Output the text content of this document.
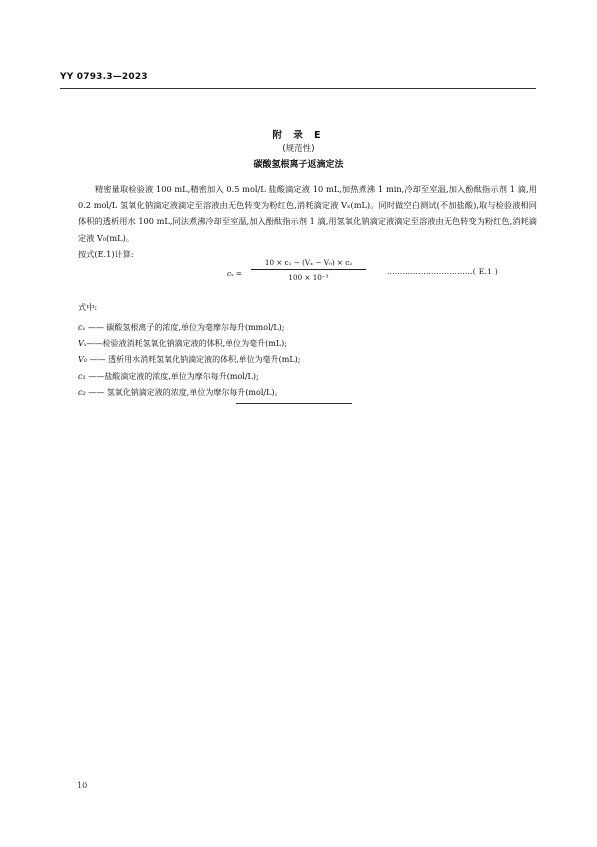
YY 0793.3—2023
附 录 E
(规范性)
碳酸氢根离子返滴定法

精密量取检验液 100 mL,精密加入 0.5 mol/L 盐酸滴定液 10 mL,加热煮沸 1 min,冷却至室温,加入酚酞指示剂 1 滴,用 0.2 mol/L 氢氧化钠滴定液滴定至溶液由无色转变为粉红色,消耗滴定液 Vₓ(mL)。同时做空白测试(不加盐酸),取与检验液相同体积的透析用水 100 mL,同法煮沸冷却至室温,加入酚酞指示剂 1 滴,用氢氧化钠滴定液滴定至溶液由无色转变为粉红色,消耗滴定液 V₀(mL)。

按式(E.1)计算:

$c_x = \frac{\text{10 × c₁ − (Vₓ − V₀) × c₂}}{\text{100 × 10⁻³}}$	……………………………( E.1 )
式中:
cₓ —— 碳酸氢根离子的浓度,单位为毫摩尔每升(mmol/L);
Vₓ——检验液消耗氢氧化钠滴定液的体积,单位为毫升(mL);
V₀ —— 透析用水消耗氢氧化钠滴定液的体积,单位为毫升(mL);
c₁ ——盐酸滴定液的浓度,单位为摩尔每升(mol/L);
c₂ —— 氢氧化钠滴定液的浓度,单位为摩尔每升(mol/L)。
10
